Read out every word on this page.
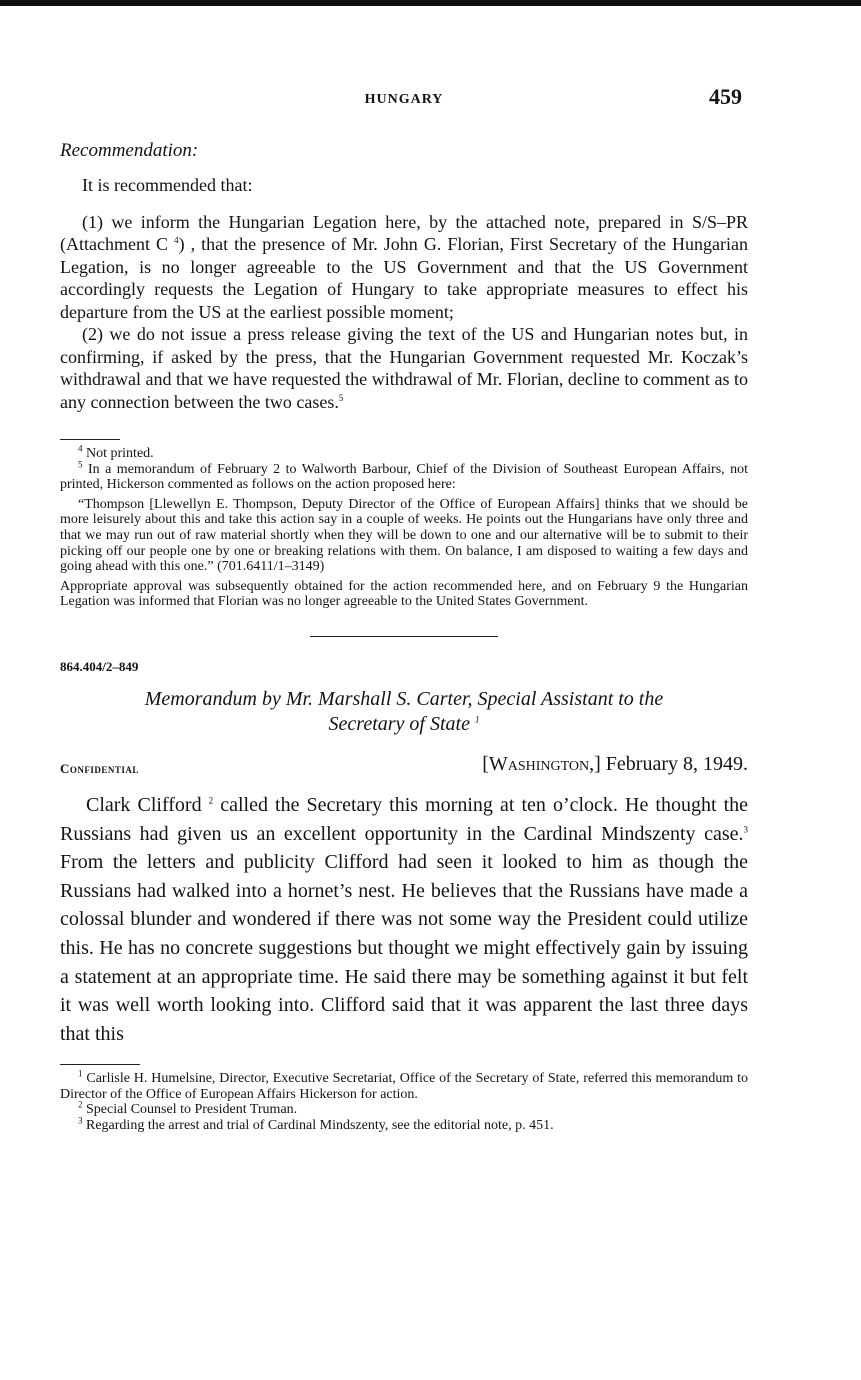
HUNGARY	459
Recommendation:

It is recommended that:

(1) we inform the Hungarian Legation here, by the attached note, prepared in S/S–PR (Attachment C $^4$) , that the presence of Mr. John G. Florian, First Secretary of the Hungarian Legation, is no longer agreeable to the US Government and that the US Government accordingly requests the Legation of Hungary to take appropriate measures to effect his departure from the US at the earliest possible moment;

(2) we do not issue a press release giving the text of the US and Hungarian notes but, in confirming, if asked by the press, that the Hungarian Government requested Mr. Koczak’s withdrawal and that we have requested the withdrawal of Mr. Florian, decline to comment as to any connection between the two cases.$^5$

$^4$ Not printed.

$^5$ In a memorandum of February 2 to Walworth Barbour, Chief of the Division of Southeast European Affairs, not printed, Hickerson commented as follows on the action proposed here:

“Thompson [Llewellyn E. Thompson, Deputy Director of the Office of European Affairs] thinks that we should be more leisurely about this and take this action say in a couple of weeks. He points out the Hungarians have only three and that we may run out of raw material shortly when they will be down to one and our alternative will be to submit to their picking off our people one by one or breaking relations with them. On balance, I am disposed to waiting a few days and going ahead with this one.” (701.6411/1–3149)

Appropriate approval was subsequently obtained for the action recommended here, and on February 9 the Hungarian Legation was informed that Florian was no longer agreeable to the United States Government.

864.404/2–849
Memorandum by Mr. Marshall S. Carter, Special Assistant to the
Secretary of State $^1$
Confidential	[Washington,] February 8, 1949.

Clark Clifford $^2$ called the Secretary this morning at ten o’clock. He thought the Russians had given us an excellent opportunity in the Cardinal Mindszenty case.$^3$ From the letters and publicity Clifford had seen it looked to him as though the Russians had walked into a hornet’s nest. He believes that the Russians have made a colossal blunder and wondered if there was not some way the President could utilize this. He has no concrete suggestions but thought we might effectively gain by issuing a statement at an appropriate time. He said there may be something against it but felt it was well worth looking into. Clifford said that it was apparent the last three days that this

$^1$ Carlisle H. Humelsine, Director, Executive Secretariat, Office of the Secretary of State, referred this memorandum to Director of the Office of European Affairs Hickerson for action.

$^2$ Special Counsel to President Truman.

$^3$ Regarding the arrest and trial of Cardinal Mindszenty, see the editorial note, p. 451.
